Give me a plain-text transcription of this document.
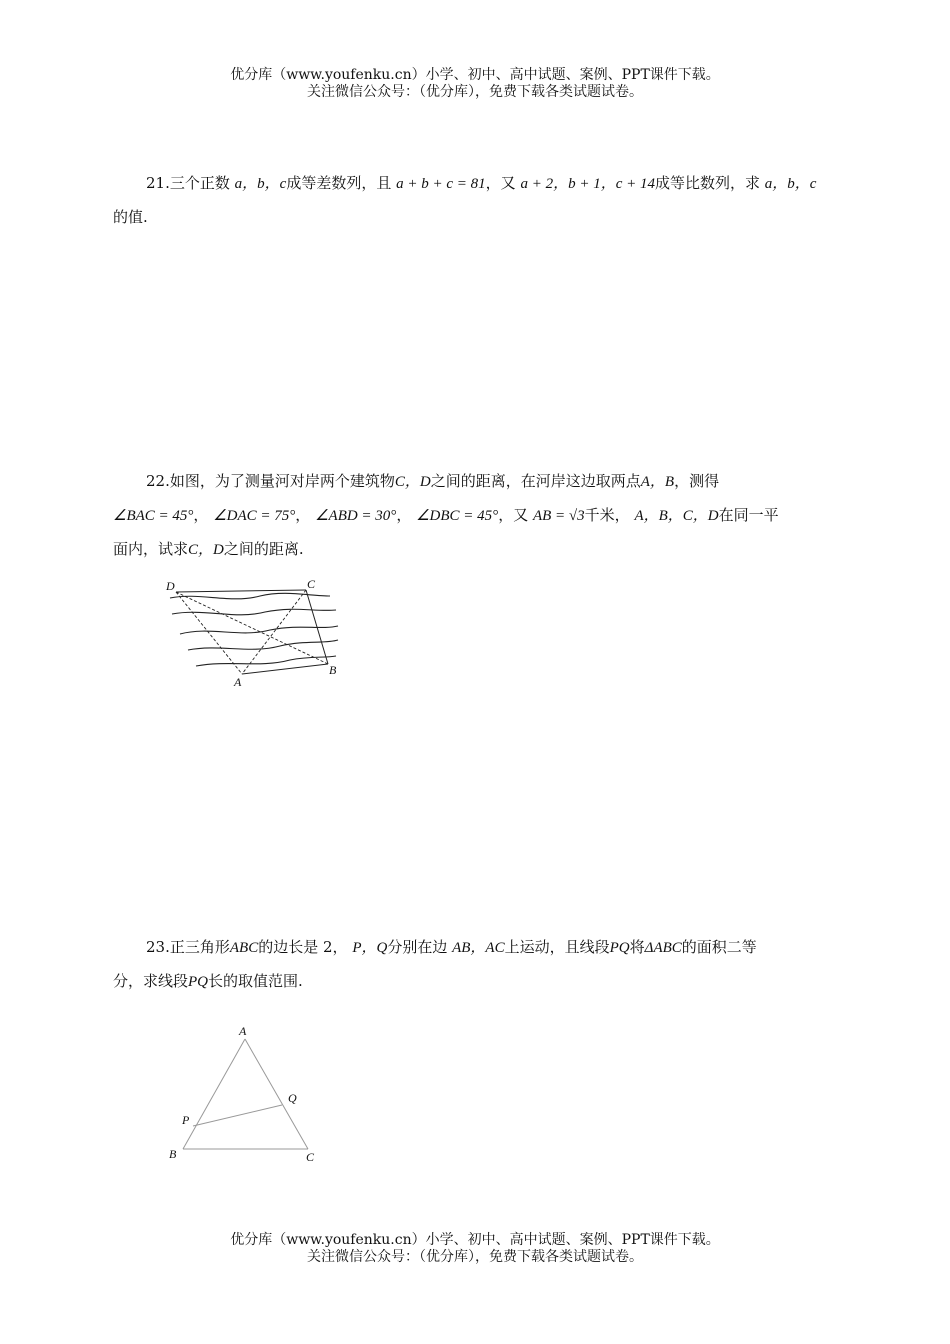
优分库（www.youfenku.cn）小学、初中、高中试题、案例、PPT课件下载。
关注微信公众号：（优分库），免费下载各类试题试卷。
21.三个正数 a，b，c成等差数列，且 a + b + c = 81，又 a + 2，b + 1，c + 14成等比数列，求 a，b，c
的值.
22.如图，为了测量河对岸两个建筑物C，D之间的距离，在河岸这边取两点A，B，测得
∠BAC = 45°， ∠DAC = 75°， ∠ABD = 30°， ∠DBC = 45°，又 AB = √3千米， A，B，C，D在同一平
面内，试求C，D之间的距离.
D	C
A
B
23.正三角形ABC的边长是 2， P，Q分别在边 AB，AC上运动，且线段PQ将ΔABC的面积二等
分，求线段PQ长的取值范围.
A
B	C
P
Q
优分库（www.youfenku.cn）小学、初中、高中试题、案例、PPT课件下载。
关注微信公众号：（优分库），免费下载各类试题试卷。
